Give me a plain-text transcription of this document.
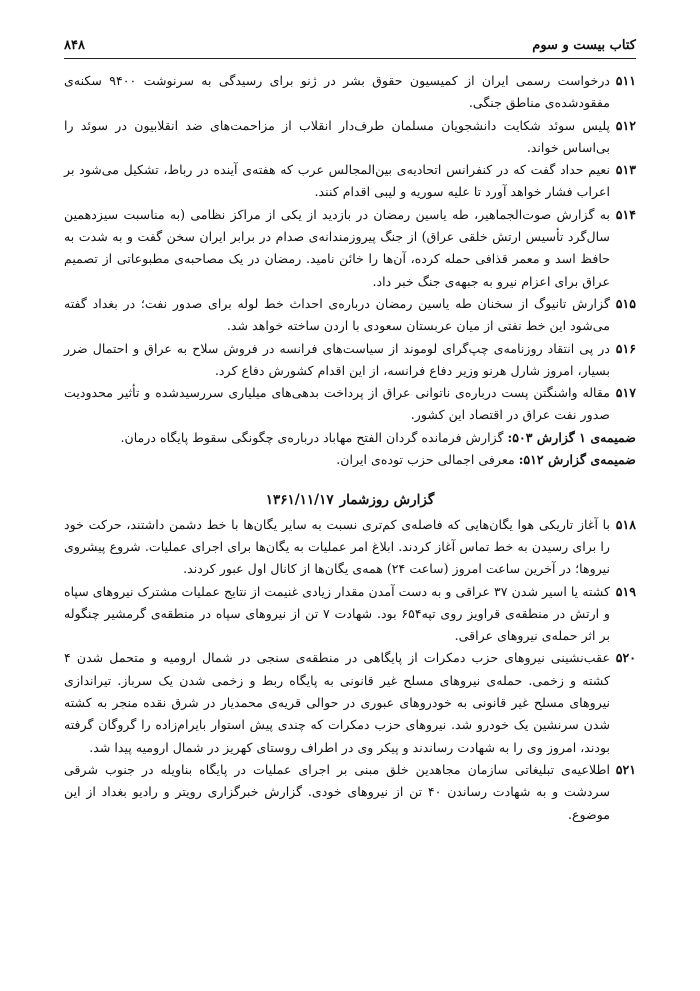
کتاب بیست و سوم
۸۴۸
۵۱۱
درخواست رسمی ایران از کمیسیون حقوق بشر در ژنو برای رسیدگی به سرنوشت ۹۴۰۰ سکنه‌ی مفقودشده‌ی مناطق جنگی.
۵۱۲
پلیس سوئد شکایت دانشجویان مسلمان طرف‌دار انقلاب از مزاحمت‌های ضد انقلابیون در سوئد را بی‌اساس خواند.
۵۱۳
نعیم حداد گفت که در کنفرانس اتحادیه‌ی بین‌المجالس عرب که هفته‌ی آینده در رباط، تشکیل می‌شود بر اعراب فشار خواهد آورد تا علیه سوریه و لیبی اقدام کنند.
۵۱۴
به گزارش صوت‌الجماهیر، طه یاسین رمضان در بازدید از یکی از مراکز نظامی (به مناسبت سیزدهمین سال‌گرد تأسیس ارتش خلقی عراق) از جنگ پیروزمندانه‌ی صدام در برابر ایران سخن گفت و به شدت به حافظ اسد و معمر قذافی حمله کرده، آن‌ها را خائن نامید. رمضان در یک مصاحبه‌ی مطبوعاتی از تصمیم عراق برای اعزام نیرو به جبهه‌ی جنگ خبر داد.
۵۱۵
گزارش تانیوگ از سخنان طه یاسین رمضان درباره‌ی احداث خط لوله برای صدور نفت؛ در بغداد گفته می‌شود این خط نفتی از میان عربستان سعودی با اردن ساخته خواهد شد.
۵۱۶
در پی انتقاد روزنامه‌ی چپ‌گرای لوموند از سیاست‌های فرانسه در فروش سلاح به عراق و احتمال ضرر بسیار، امروز شارل هرنو وزیر دفاع فرانسه، از این اقدام کشورش دفاع کرد.
۵۱۷
مقاله واشنگتن پست درباره‌ی ناتوانی عراق از پرداخت بدهی‌های میلیاری سررسیدشده و تأثیر محدودیت صدور نفت عراق در اقتصاد این کشور.

ضمیمه‌ی ۱ گزارش ۵۰۳: گزارش فرمانده گردان الفتح مهاباد درباره‌ی چگونگی سقوط پایگاه درمان.

ضمیمه‌ی گزارش ۵۱۲: معرفی اجمالی حزب توده‌ی ایران.

گزارش روزشمار۱۳۶۱/۱۱/۱۷
۵۱۸
با آغاز تاریکی هوا یگان‌هایی که فاصله‌ی کم‌تری نسبت به سایر یگان‌ها با خط دشمن داشتند، حرکت خود را برای رسیدن به خط تماس آغاز کردند. ابلاغ امر عملیات به یگان‌ها برای اجرای عملیات. شروع پیشروی نیروها؛ در آخرین ساعت امروز (ساعت ۲۴) همه‌ی یگان‌ها از کانال اول عبور کردند.
۵۱۹
کشته یا اسیر شدن ۳۷ عراقی و به دست آمدن مقدار زیادی غنیمت از نتایج عملیات مشترک نیروهای سپاه و ارتش در منطقه‌ی قراویز روی تپه۶۵۴ بود. شهادت ۷ تن از نیروهای سپاه در منطقه‌ی گرمشیر چنگوله بر اثر حمله‌ی نیروهای عراقی.
۵۲۰
عقب‌نشینی نیروهای حزب دمکرات از پایگاهی در منطقه‌ی سنجی در شمال ارومیه و متحمل شدن ۴ کشته و زخمی. حمله‌ی نیروهای مسلح غیر قانونی به پایگاه ربط و زخمی شدن یک سرباز. تیراندازی نیروهای مسلح غیر قانونی به خودروهای عبوری در حوالی قریه‌ی محمدیار در شرق نقده منجر به کشته شدن سرنشین یک خودرو شد. نیروهای حزب دمکرات که چندی پیش استوار بایرام‌زاده را گروگان گرفته بودند، امروز وی را به شهادت رساندند و پیکر وی در اطراف روستای کهریز در شمال ارومیه پیدا شد.
۵۲۱
اطلاعیه‌ی تبلیغاتی سازمان مجاهدین خلق مبنی بر اجرای عملیات در پایگاه بناویله در جنوب شرقی سردشت و به شهادت رساندن ۴۰ تن از نیروهای خودی. گزارش خبرگزاری رویتر و رادیو بغداد از این موضوع.
